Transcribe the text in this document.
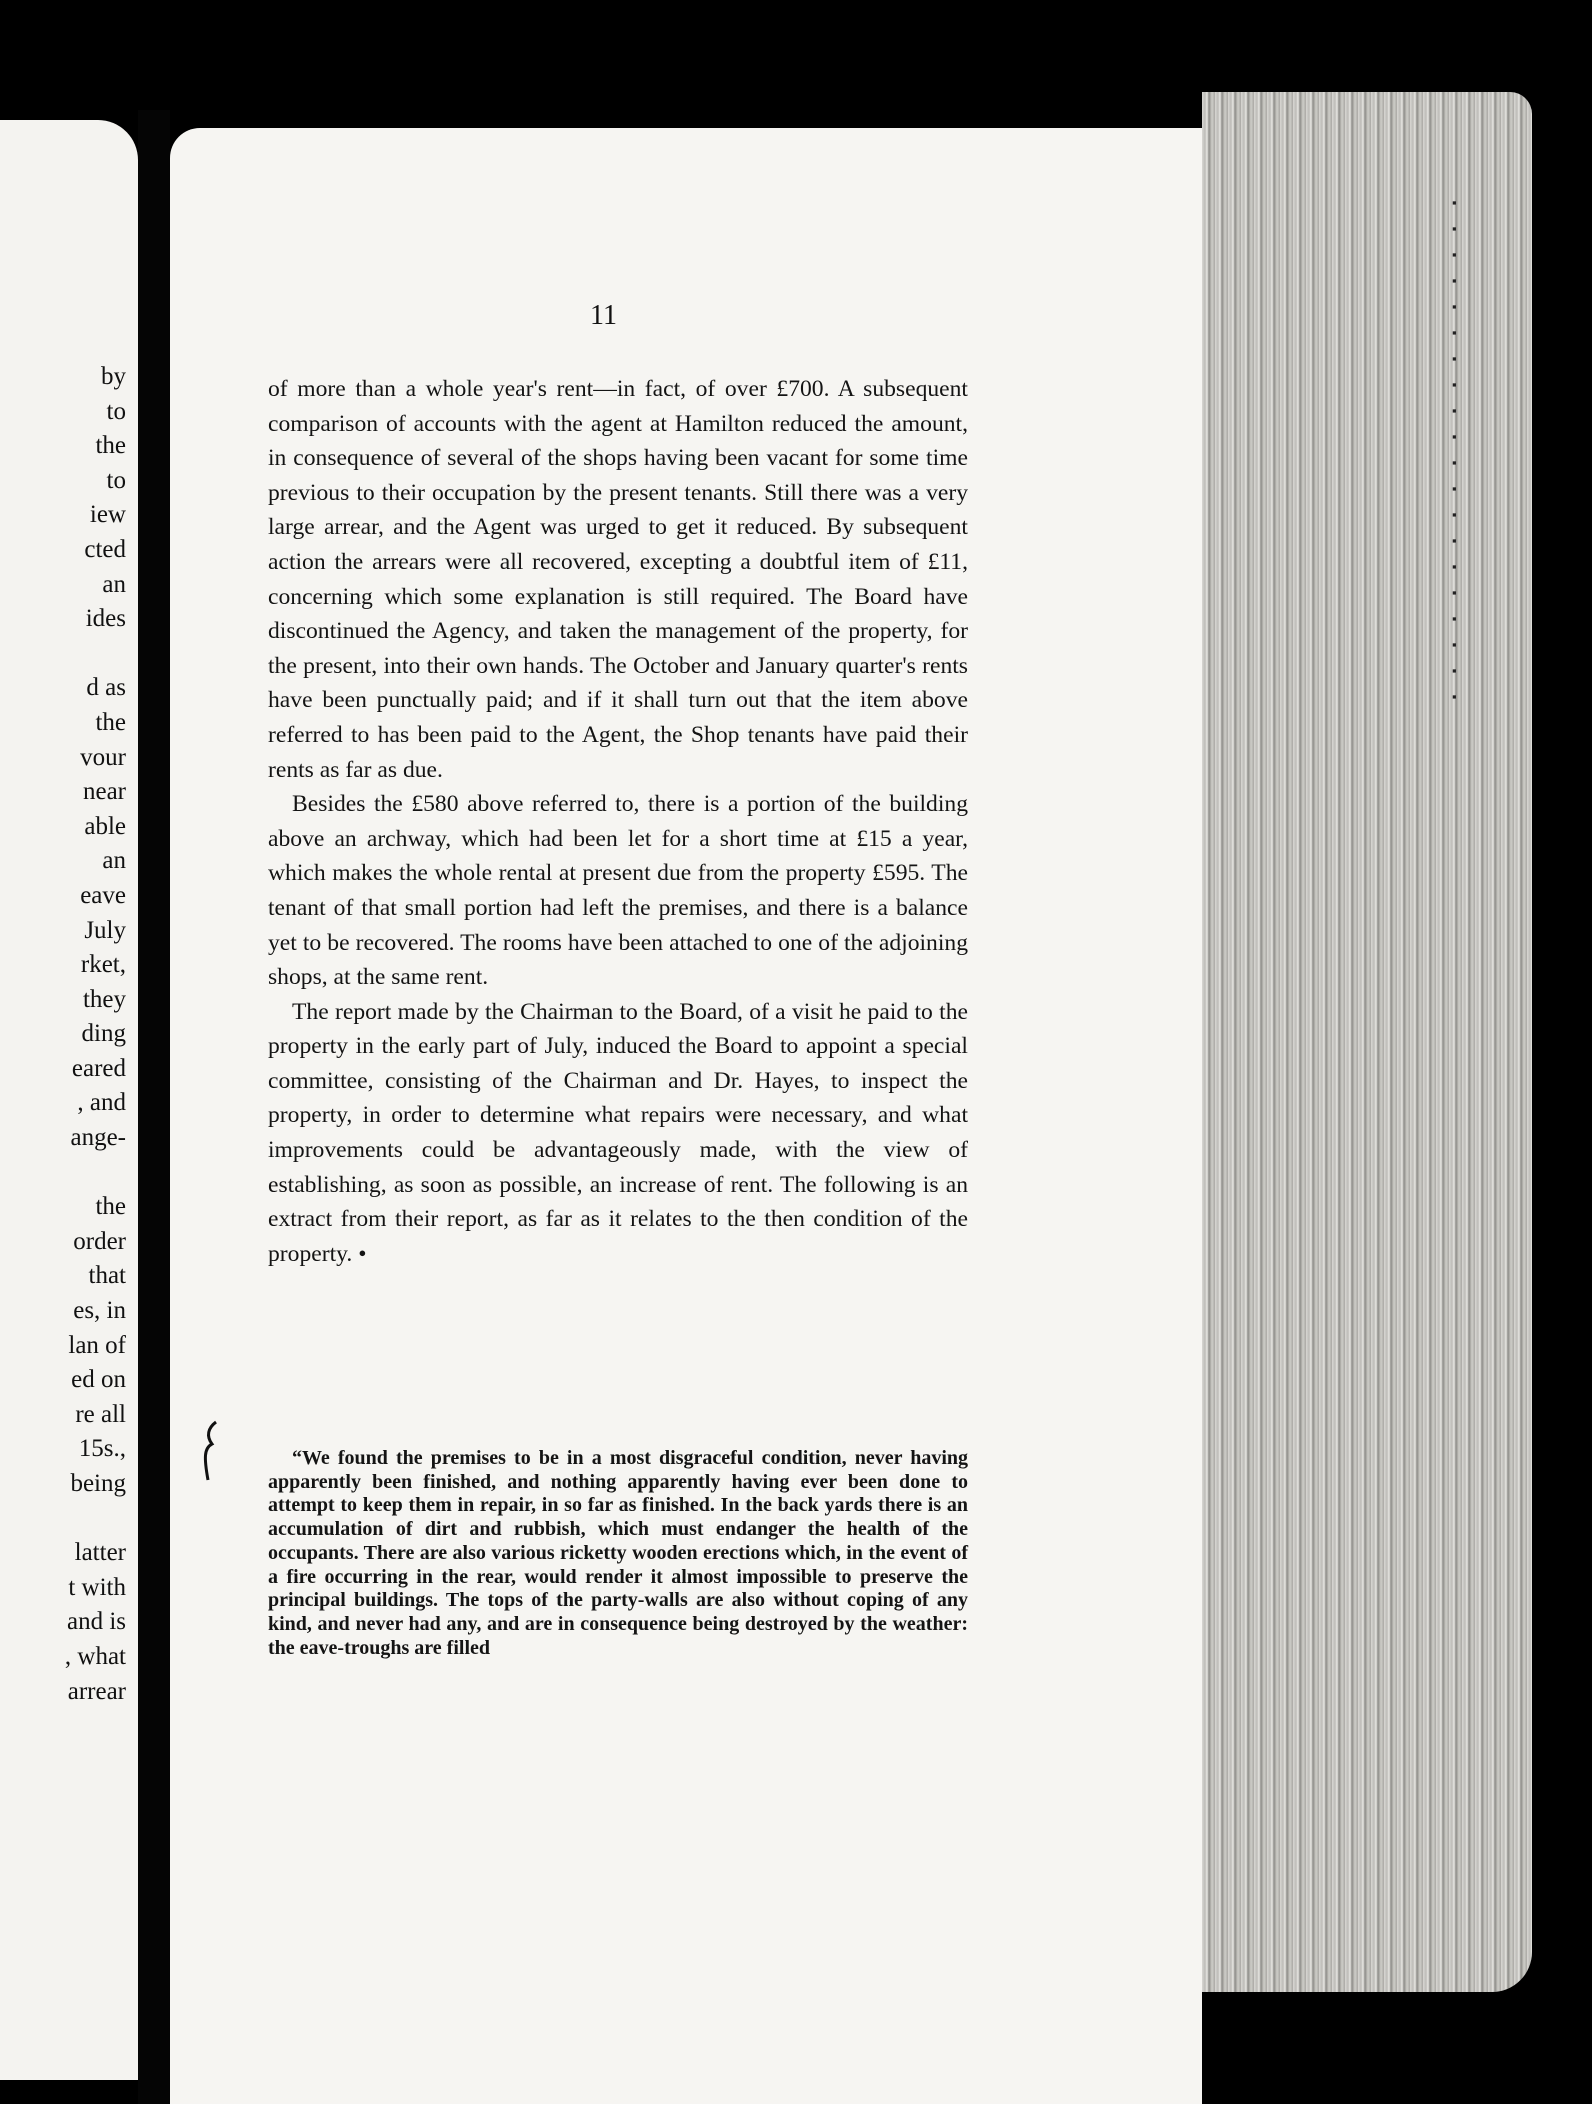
by
to
the
to
iew
cted
an
ides

d as
the
vour
near
able
an
eave
July
rket,
they
ding
eared
, and
ange-

the
order
that
es, in
lan of
ed on
re all
15s.,
being

latter
t with
and is
, what
arrear
11

of more than a whole year's rent—in fact, of over £700. A subsequent comparison of accounts with the agent at Hamilton reduced the amount, in consequence of several of the shops having been vacant for some time previous to their occupation by the present tenants. Still there was a very large arrear, and the Agent was urged to get it reduced. By subsequent action the arrears were all recovered, excepting a doubtful item of £11, concerning which some explanation is still required. The Board have discontinued the Agency, and taken the management of the property, for the present, into their own hands. The October and January quarter's rents have been punctually paid; and if it shall turn out that the item above referred to has been paid to the Agent, the Shop tenants have paid their rents as far as due.

Besides the £580 above referred to, there is a portion of the building above an archway, which had been let for a short time at £15 a year, which makes the whole rental at present due from the property £595. The tenant of that small portion had left the premises, and there is a balance yet to be recovered. The rooms have been attached to one of the adjoining shops, at the same rent.

The report made by the Chairman to the Board, of a visit he paid to the property in the early part of July, induced the Board to appoint a special committee, consisting of the Chairman and Dr. Hayes, to inspect the property, in order to determine what repairs were necessary, and what improvements could be advantageously made, with the view of establishing, as soon as possible, an increase of rent. The following is an extract from their report, as far as it relates to the then condition of the property. •

“We found the premises to be in a most disgraceful condition, never having apparently been finished, and nothing apparently having ever been done to attempt to keep them in repair, in so far as finished. In the back yards there is an accumulation of dirt and rubbish, which must endanger the health of the occupants. There are also various ricketty wooden erections which, in the event of a fire occurring in the rear, would render it almost impossible to preserve the principal buildings. The tops of the party-walls are also without coping of any kind, and never had any, and are in consequence being destroyed by the weather: the eave-troughs are filled
▪
▪
▪
▪
▪
▪
▪
▪
▪
▪
▪
▪
▪
▪
▪
▪
▪
▪
▪
▪
